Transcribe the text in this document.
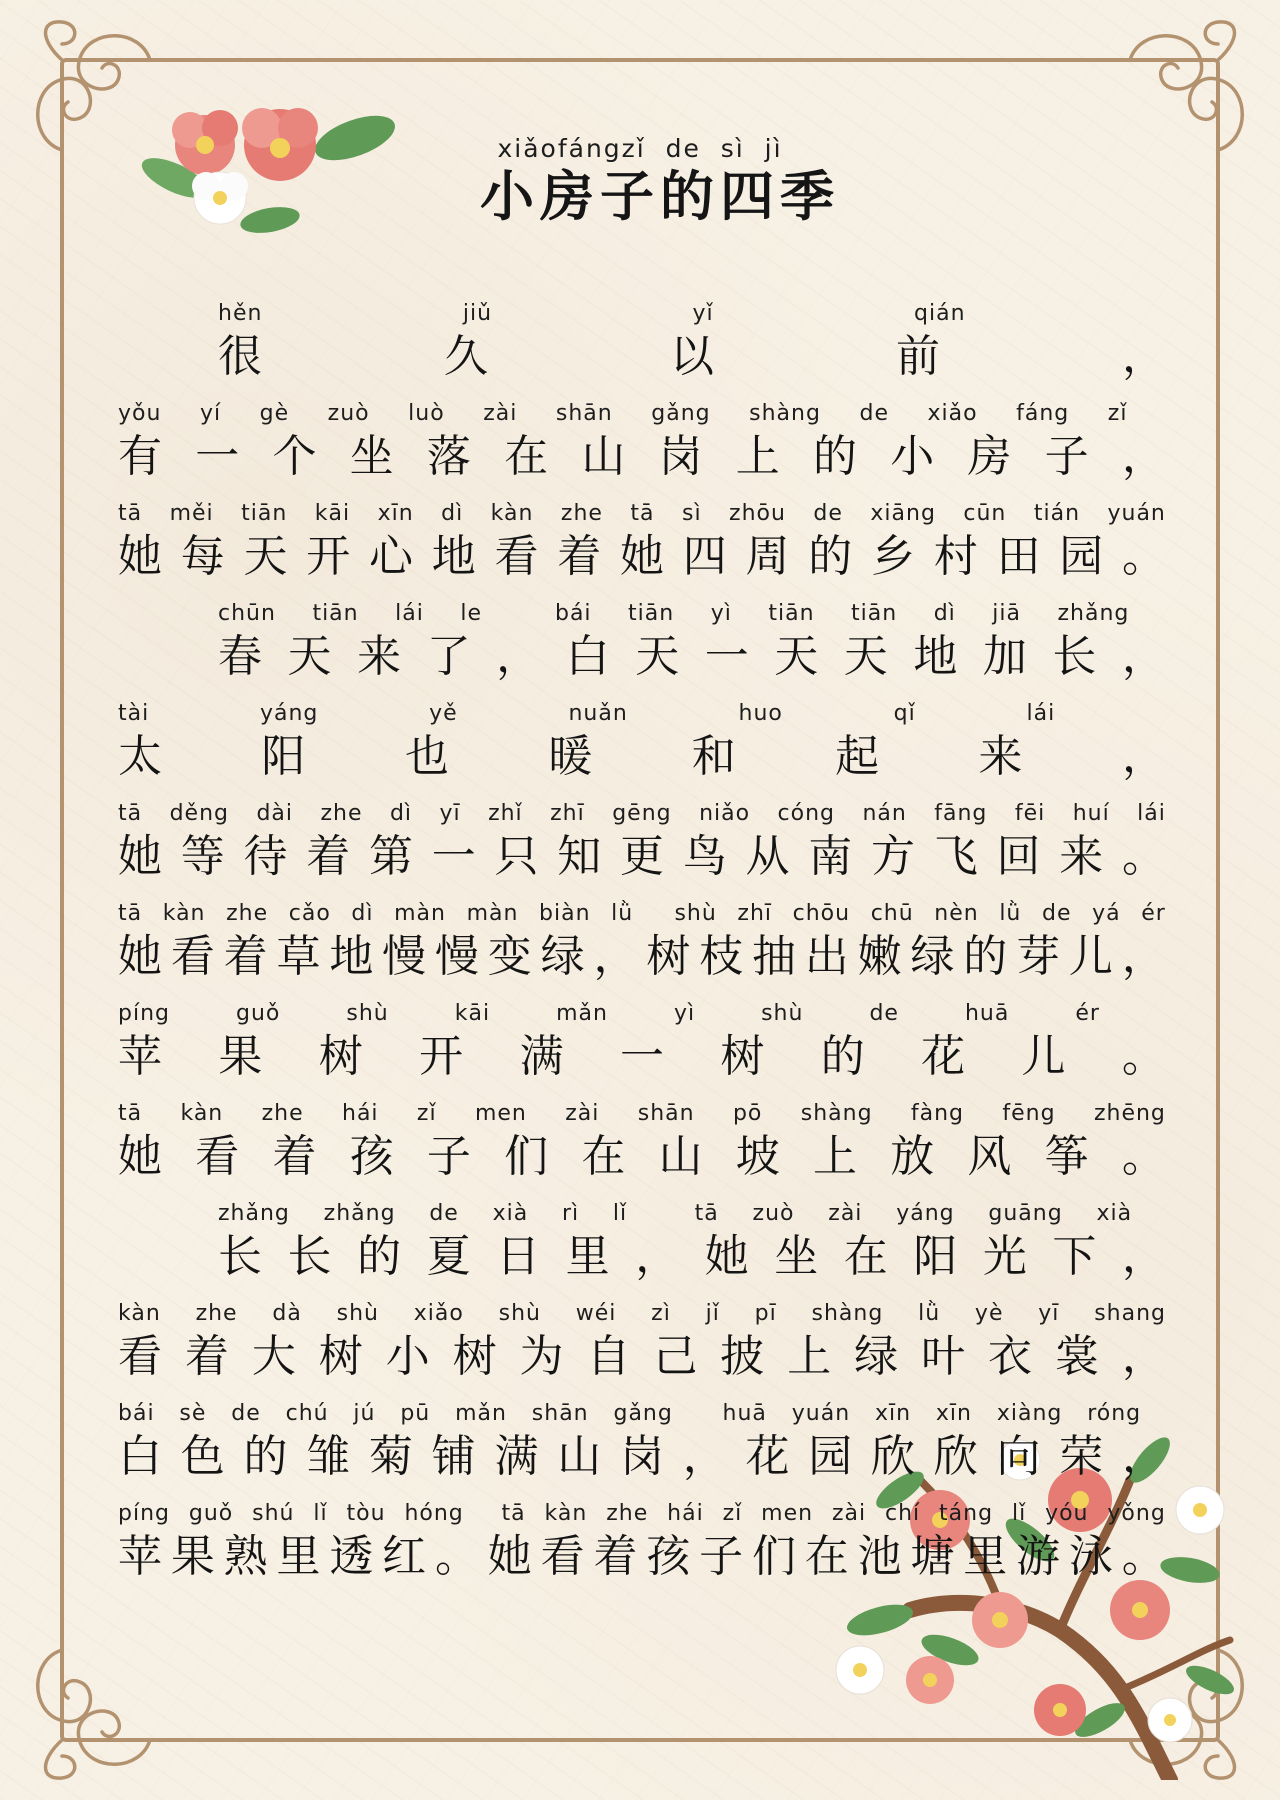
xiǎofángzǐ  de  sì  jì
小房子的四季
hěn	jiǔ	yǐ	qián
很	久	以	前	，
yǒu yí gè zuò luò zài shān gǎng shàng de xiǎo fáng zǐ
有 一 个 坐 落 在 山 岗 上 的 小 房 子 ，
tā měi tiān kāi xīn dì kàn zhe tā sì zhōu de xiāng cūn tián yuán
她 每 天 开 心 地 看 着 她 四 周 的 乡 村 田 园 。
chūn tiān lái le	bái tiān yì tiān tiān dì jiā zhǎng
春 天 来 了 ， 白 天 一 天 天 地 加 长 ，
tài	yáng	yě	nuǎn	huo	qǐ	lái
太 阳 也 暖 和 起 来 ，
tā děng dài zhe dì yī zhǐ zhī gēng niǎo cóng nán fāng fēi huí lái
她 等 待 着 第 一 只 知 更 鸟 从 南 方 飞 回 来 。
tā kàn zhe cǎo dì màn màn biàn lǜ shù zhī chōu chū nèn lǜ de yá ér
她 看 着 草 地 慢 慢 变 绿 ， 树 枝 抽 出 嫩 绿 的 芽 儿 ，
píng	guǒ	shù	kāi	mǎn	yì	shù	de	huā	ér
苹 果 树 开 满 一 树 的 花 儿 。
tā kàn zhe hái zǐ men zài shān pō shàng fàng fēng zhēng
她 看 着 孩 子 们 在 山 坡 上 放 风 筝 。
zhǎng zhǎng de xià rì lǐ	tā zuò zài yáng guāng xià
长 长 的 夏 日 里 ， 她 坐 在 阳 光 下 ，
kàn zhe dà shù xiǎo shù wéi zì jǐ pī shàng lǜ yè yī shang
看 着 大 树 小 树 为 自 己 披 上 绿 叶 衣 裳 ，
bái sè de chú jú pū mǎn shān gǎng huā yuán xīn xīn xiàng róng
白 色 的 雏 菊 铺 满 山 岗 ， 花 园 欣 欣 向 荣 ，
píng guǒ shú lǐ tòu hóng tā kàn zhe hái zǐ men zài chí táng lǐ yóu yǒng
苹 果 熟 里 透 红 。 她 看 着 孩 子 们 在 池 塘 里 游 泳 。
